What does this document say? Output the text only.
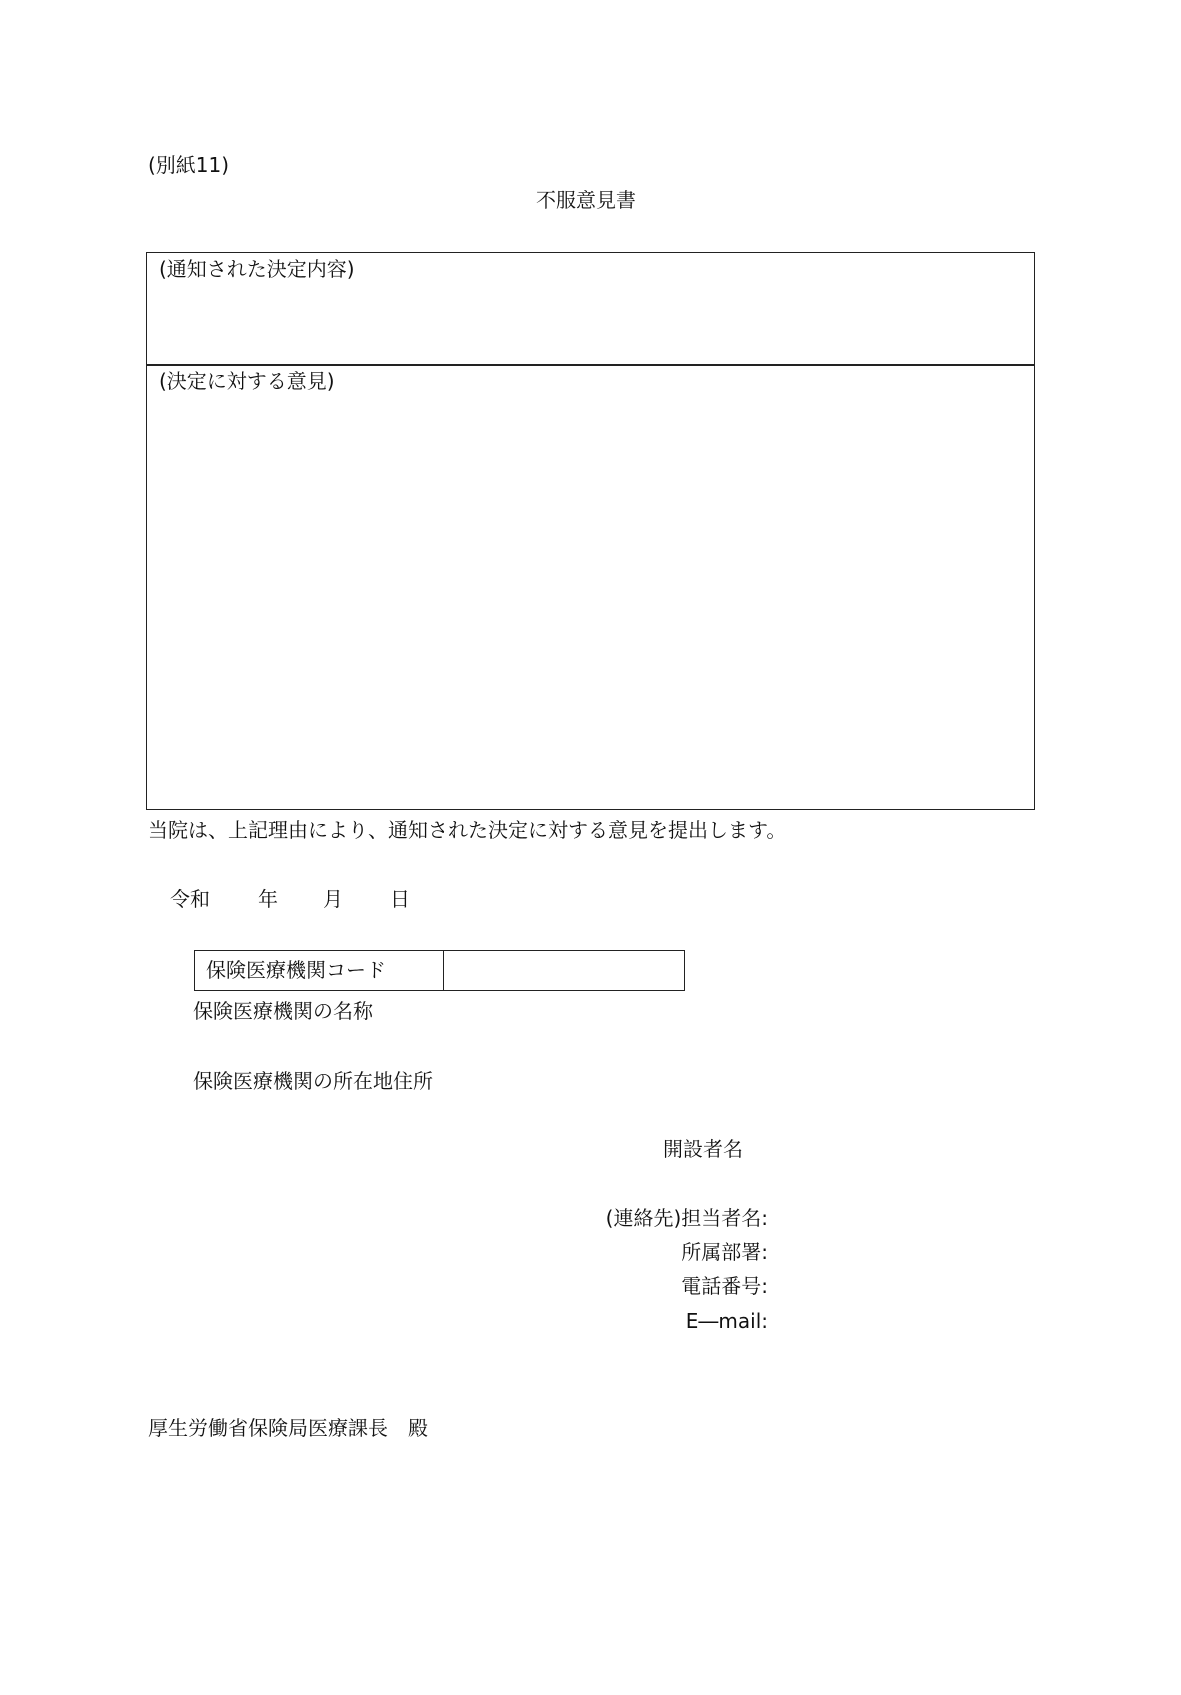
(別紙11)
不服意見書
(通知された決定内容)
(決定に対する意見)
当院は、上記理由により、通知された決定に対する意見を提出します。
令和 年 月 日
保険医療機関コード
保険医療機関の名称
保険医療機関の所在地住所
開設者名
(連絡先)担当者名:
所属部署:
電話番号:
E―mail:
厚生労働省保険局医療課長　殿
